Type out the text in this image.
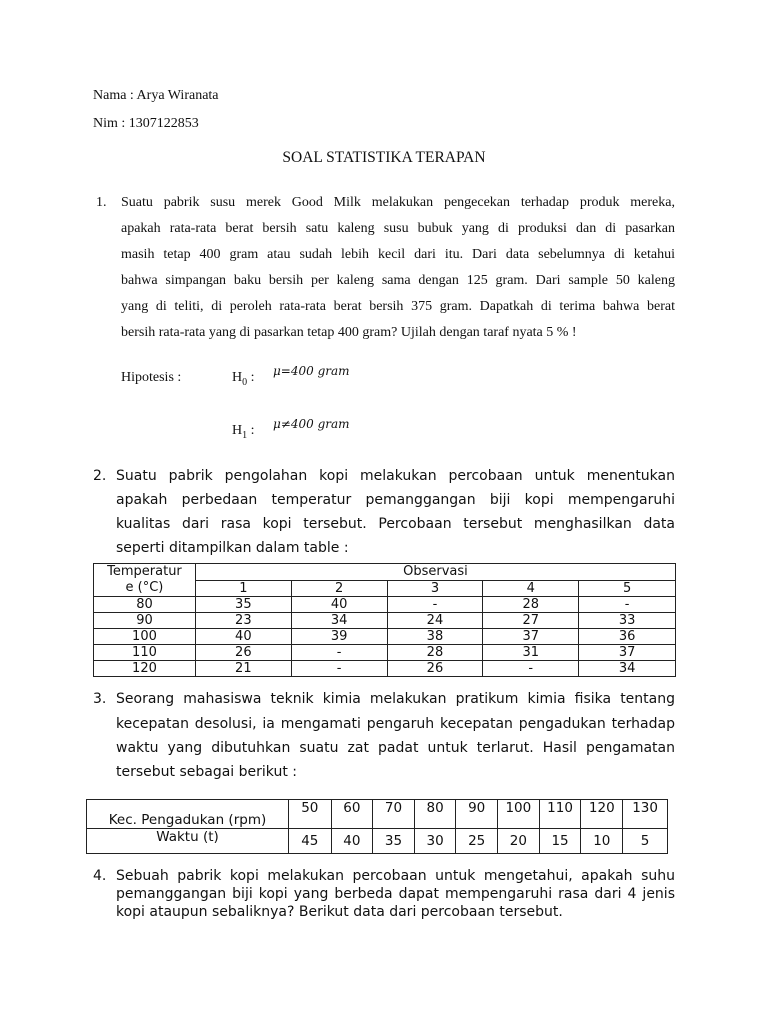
Nama : Arya Wiranata
Nim : 1307122853
SOAL STATISTIKA TERAPAN
1. Suatu pabrik susu merek Good Milk melakukan pengecekan terhadap produk mereka,
apakah rata-rata berat bersih satu kaleng susu bubuk yang di produksi dan di pasarkan
masih tetap 400 gram atau sudah lebih kecil dari itu. Dari data sebelumnya di ketahui
bahwa simpangan baku bersih per kaleng sama dengan 125 gram. Dari sample 50 kaleng
yang di teliti, di peroleh rata-rata berat bersih 375 gram. Dapatkah di terima bahwa berat
bersih rata-rata yang di pasarkan tetap 400 gram? Ujilah dengan taraf nyata 5 % !
Hipotesis :	$H_0$ : μ=400 gram
$H_1$ : μ≠400 gram
2. Suatu pabrik pengolahan kopi melakukan percobaan untuk menentukan
apakah perbedaan temperatur pemanggangan biji kopi mempengaruhi
kualitas dari rasa kopi tersebut. Percobaan tersebut menghasilkan data
seperti ditampilkan dalam table :
Temperatur
e (°C)	Observasi				
	1	2	3	4	5
80	35	40	-	28	-
90	23	34	24	27	33
100	40	39	38	37	36
110	26	-	28	31	37
120	21	-	26	-	34
3. Seorang mahasiswa teknik kimia melakukan pratikum kimia fisika tentang
kecepatan desolusi, ia mengamati pengaruh kecepatan pengadukan terhadap
waktu yang dibutuhkan suatu zat padat untuk terlarut. Hasil pengamatan
tersebut sebagai berikut :
Kec. Pengadukan (rpm)	50	60	70	80	90	100	110	120	130
Waktu (t)	45	40	35	30	25	20	15	10	5
4. Sebuah pabrik kopi melakukan percobaan untuk mengetahui, apakah suhu
pemanggangan biji kopi yang berbeda dapat mempengaruhi rasa dari 4 jenis
kopi ataupun sebaliknya? Berikut data dari percobaan tersebut.
